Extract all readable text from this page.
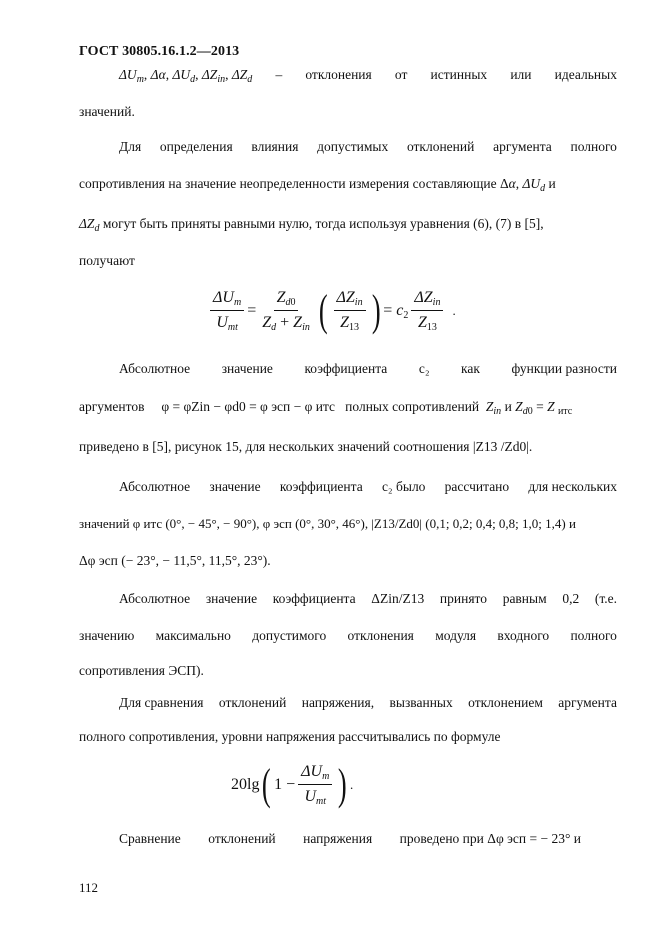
ГОСТ 30805.16.1.2—2013
$\Delta U_m$, Δα, $\Delta U_d$, $\Delta Z_{in}$, $\Delta Z_d$ – отклонения от истинных или идеальных
значений.
Для определения влияния допустимых отклонений аргумента полного
сопротивления на значение неопределенности измерения составляющие Δα, $\Delta U_d$ и
$\Delta Z_d$ могут быть приняты равными нулю, тогда используя уравнения (6), (7) в [5],
получают
$\frac{\Delta U_m}{U_{mt}} = \frac{Z_{d0}}{Z_d + Z_{in}}$ ( $\frac{\Delta Z_{in}}{Z_{13}}$ ) = $c_2 \frac{\Delta Z_{in}}{Z_{13}}$ .
Абсолютное значение коэффициента c₂ как функции разности
аргументов φ = φZin − φd0 = φ эсп − φ итс полных сопротивлений $Z_{in}$ и $Z_{d0} = Z$ $_{итс}$
приведено в [5], рисунок 15, для нескольких значений соотношения |Z13 /Zd0|.
Абсолютное значение коэффициента c₂ было рассчитано для нескольких
значений φ итс (0°, − 45°, − 90°), φ эсп (0°, 30°, 46°), |Z13/Zd0| (0,1; 0,2; 0,4; 0,8; 1,0; 1,4) и
Δφ эсп (− 23°, − 11,5°, 11,5°, 23°).
Абсолютное значение коэффициента ΔZin/Z13 принято равным 0,2 (т.е.
значению максимально допустимого отклонения модуля входного полного
сопротивления ЭСП).
Для сравнения отклонений напряжения, вызванных отклонением аргумента
полного сопротивления, уровни напряжения рассчитывались по формуле
20lg ( $1 - \frac{\Delta U_m}{U_{mt}}$ ) .
Сравнение отклонений напряжения проведено при Δφ эсп = − 23° и
112
